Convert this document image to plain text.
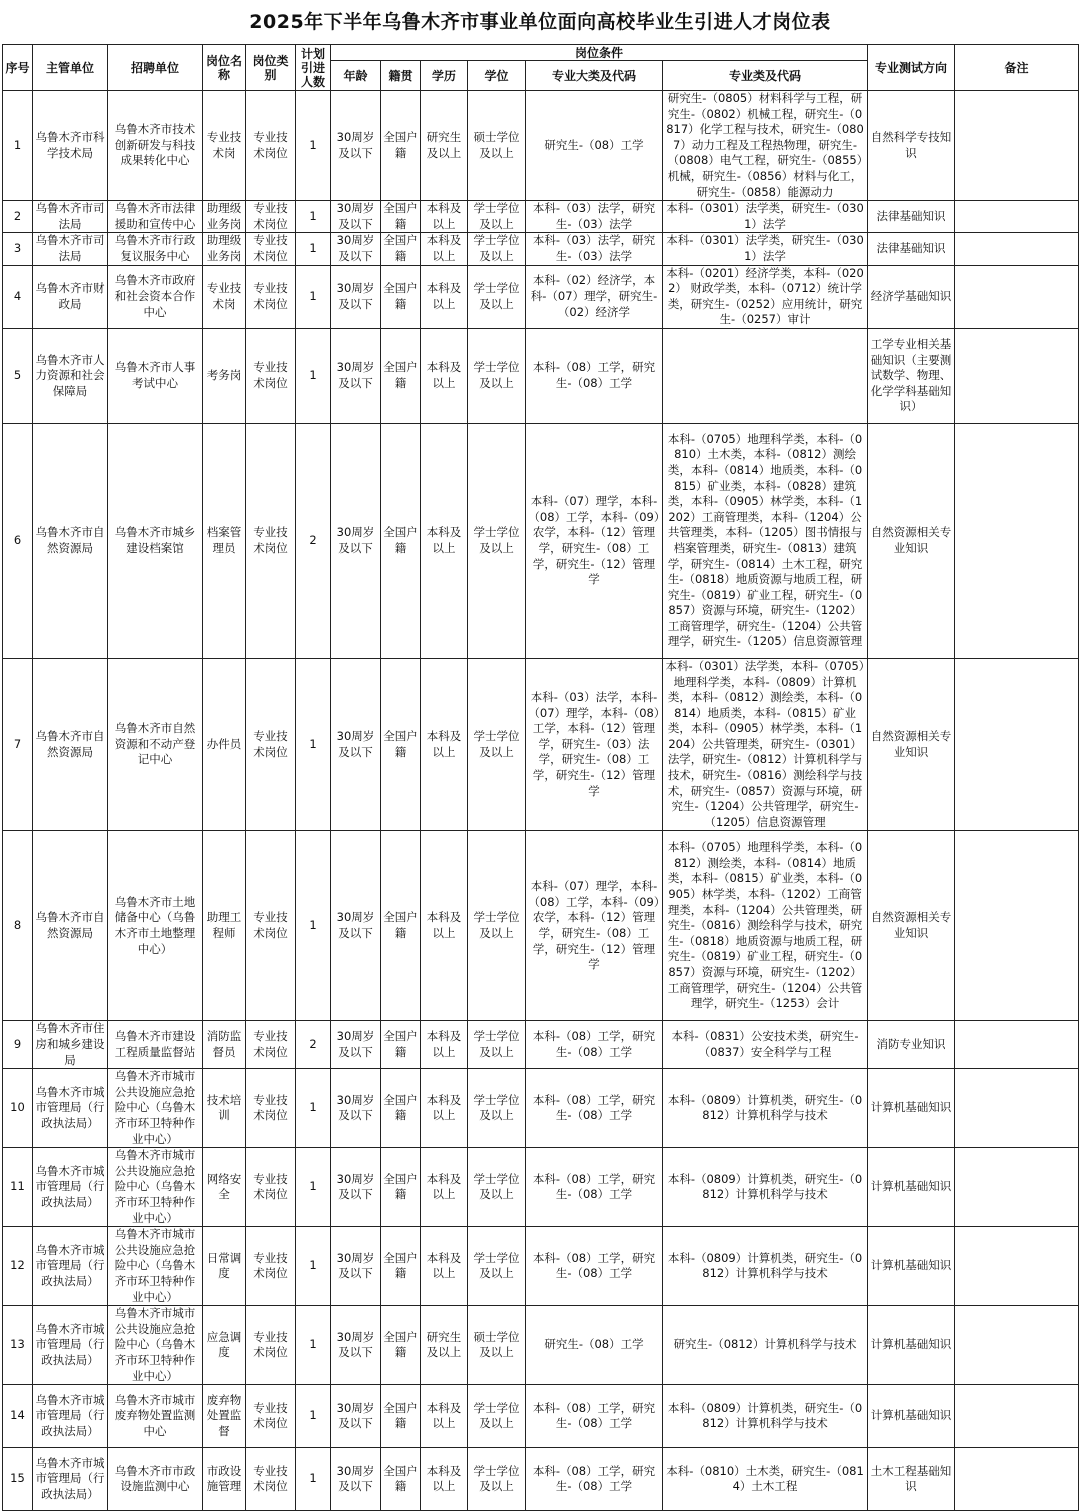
2025年下半年乌鲁木齐市事业单位面向高校毕业生引进人才岗位表
序号	主管单位	招聘单位	岗位名称	岗位类别	计划引进人数	岗位条件						专业测试方向	备注
						年龄	籍贯	学历	学位	专业大类及代码	专业类及代码		
1	乌鲁木齐市科学技术局	乌鲁木齐市技术创新研发与科技成果转化中心	专业技术岗	专业技术岗位	1	30周岁及以下	全国户籍	研究生及以上	硕士学位及以上	研究生-（08）工学	研究生-（0805）材料科学与工程，研究生-（0802）机械工程，研究生-（0817）化学工程与技术，研究生-（0807）动力工程及工程热物理，研究生-（0808）电气工程，研究生-（0855）机械，研究生-（0856）材料与化工，研究生-（0858）能源动力	自然科学专技知识	
2	乌鲁木齐市司法局	乌鲁木齐市法律援助和宣传中心	助理级业务岗	专业技术岗位	1	30周岁及以下	全国户籍	本科及以上	学士学位及以上	本科-（03）法学，研究生-（03）法学	本科-（0301）法学类，研究生-（0301）法学	法律基础知识	
3	乌鲁木齐市司法局	乌鲁木齐市行政复议服务中心	助理级业务岗	专业技术岗位	1	30周岁及以下	全国户籍	本科及以上	学士学位及以上	本科-（03）法学，研究生-（03）法学	本科-（0301）法学类，研究生-（0301）法学	法律基础知识	
4	乌鲁木齐市财政局	乌鲁木齐市政府和社会资本合作中心	专业技术岗	专业技术岗位	1	30周岁及以下	全国户籍	本科及以上	学士学位及以上	本科-（02）经济学，本科-（07）理学，研究生-（02）经济学	本科-（0201）经济学类，本科-（0202） 财政学类，本科-（0712）统计学类，研究生-（0252）应用统计，研究生-（0257）审计	经济学基础知识	
5	乌鲁木齐市人力资源和社会保障局	乌鲁木齐市人事考试中心	考务岗	专业技术岗位	1	30周岁及以下	全国户籍	本科及以上	学士学位及以上	本科-（08）工学，研究生-（08）工学		工学专业相关基础知识（主要测试数学、物理、化学学科基础知识）	
6	乌鲁木齐市自然资源局	乌鲁木齐市城乡建设档案馆	档案管理员	专业技术岗位	2	30周岁及以下	全国户籍	本科及以上	学士学位及以上	本科-（07）理学，本科-（08）工学，本科-（09）农学，本科-（12）管理学，研究生-（08）工学，研究生-（12）管理学	本科-（0705）地理科学类，本科-（0810）土木类，本科-（0812）测绘类，本科-（0814）地质类，本科-（0815）矿业类，本科-（0828）建筑类，本科-（0905）林学类，本科-（1202）工商管理类，本科-（1204）公共管理类，本科-（1205）图书情报与档案管理类，研究生-（0813）建筑学，研究生-（0814）土木工程，研究生-（0818）地质资源与地质工程，研究生-（0819）矿业工程，研究生-（0857）资源与环境，研究生-（1202）工商管理学，研究生-（1204）公共管理学，研究生-（1205）信息资源管理	自然资源相关专业知识	
7	乌鲁木齐市自然资源局	乌鲁木齐市自然资源和不动产登记中心	办件员	专业技术岗位	1	30周岁及以下	全国户籍	本科及以上	学士学位及以上	本科-（03）法学，本科-（07）理学，本科-（08）工学，本科-（12）管理学，研究生-（03）法学，研究生-（08）工学，研究生-（12）管理学	本科-（0301）法学类，本科-（0705）地理科学类，本科-（0809）计算机类，本科-（0812）测绘类，本科-（0814）地质类，本科-（0815）矿业类，本科-（0905）林学类，本科-（1204）公共管理类，研究生-（0301）法学，研究生-（0812）计算机科学与技术，研究生-（0816）测绘科学与技术，研究生-（0857）资源与环境，研究生-（1204）公共管理学，研究生-（1205）信息资源管理	自然资源相关专业知识	
8	乌鲁木齐市自然资源局	乌鲁木齐市土地储备中心（乌鲁木齐市土地整理中心）	助理工程师	专业技术岗位	1	30周岁及以下	全国户籍	本科及以上	学士学位及以上	本科-（07）理学，本科-（08）工学，本科-（09）农学，本科-（12）管理学，研究生-（08）工学，研究生-（12）管理学	本科-（0705）地理科学类，本科-（0812）测绘类，本科-（0814）地质类，本科-（0815）矿业类，本科-（0905）林学类，本科-（1202）工商管理类，本科-（1204）公共管理类，研究生-（0816）测绘科学与技术，研究生-（0818）地质资源与地质工程，研究生-（0819）矿业工程，研究生-（0857）资源与环境，研究生-（1202）工商管理学，研究生-（1204）公共管理学，研究生-（1253）会计	自然资源相关专业知识	
9	乌鲁木齐市住房和城乡建设局	乌鲁木齐市建设工程质量监督站	消防监督员	专业技术岗位	2	30周岁及以下	全国户籍	本科及以上	学士学位及以上	本科-（08）工学，研究生-（08）工学	本科-（0831）公安技术类，研究生-（0837）安全科学与工程	消防专业知识	
10	乌鲁木齐市城市管理局（行政执法局）	乌鲁木齐市城市公共设施应急抢险中心（乌鲁木齐市环卫特种作业中心）	技术培训	专业技术岗位	1	30周岁及以下	全国户籍	本科及以上	学士学位及以上	本科-（08）工学，研究生-（08）工学	本科-（0809）计算机类，研究生-（0812）计算机科学与技术	计算机基础知识	
11	乌鲁木齐市城市管理局（行政执法局）	乌鲁木齐市城市公共设施应急抢险中心（乌鲁木齐市环卫特种作业中心）	网络安全	专业技术岗位	1	30周岁及以下	全国户籍	本科及以上	学士学位及以上	本科-（08）工学，研究生-（08）工学	本科-（0809）计算机类，研究生-（0812）计算机科学与技术	计算机基础知识	
12	乌鲁木齐市城市管理局（行政执法局）	乌鲁木齐市城市公共设施应急抢险中心（乌鲁木齐市环卫特种作业中心）	日常调度	专业技术岗位	1	30周岁及以下	全国户籍	本科及以上	学士学位及以上	本科-（08）工学，研究生-（08）工学	本科-（0809）计算机类，研究生-（0812）计算机科学与技术	计算机基础知识	
13	乌鲁木齐市城市管理局（行政执法局）	乌鲁木齐市城市公共设施应急抢险中心（乌鲁木齐市环卫特种作业中心）	应急调度	专业技术岗位	1	30周岁及以下	全国户籍	研究生及以上	硕士学位及以上	研究生-（08）工学	研究生-（0812）计算机科学与技术	计算机基础知识	
14	乌鲁木齐市城市管理局（行政执法局）	乌鲁木齐市城市废弃物处置监测中心	废弃物处置监督	专业技术岗位	1	30周岁及以下	全国户籍	本科及以上	学士学位及以上	本科-（08）工学，研究生-（08）工学	本科-（0809）计算机类，研究生-（0812）计算机科学与技术	计算机基础知识	
15	乌鲁木齐市城市管理局（行政执法局）	乌鲁木齐市市政设施监测中心	市政设施管理	专业技术岗位	1	30周岁及以下	全国户籍	本科及以上	学士学位及以上	本科-（08）工学，研究生-（08）工学	本科-（0810）土木类，研究生-（0814）土木工程	土木工程基础知识	
